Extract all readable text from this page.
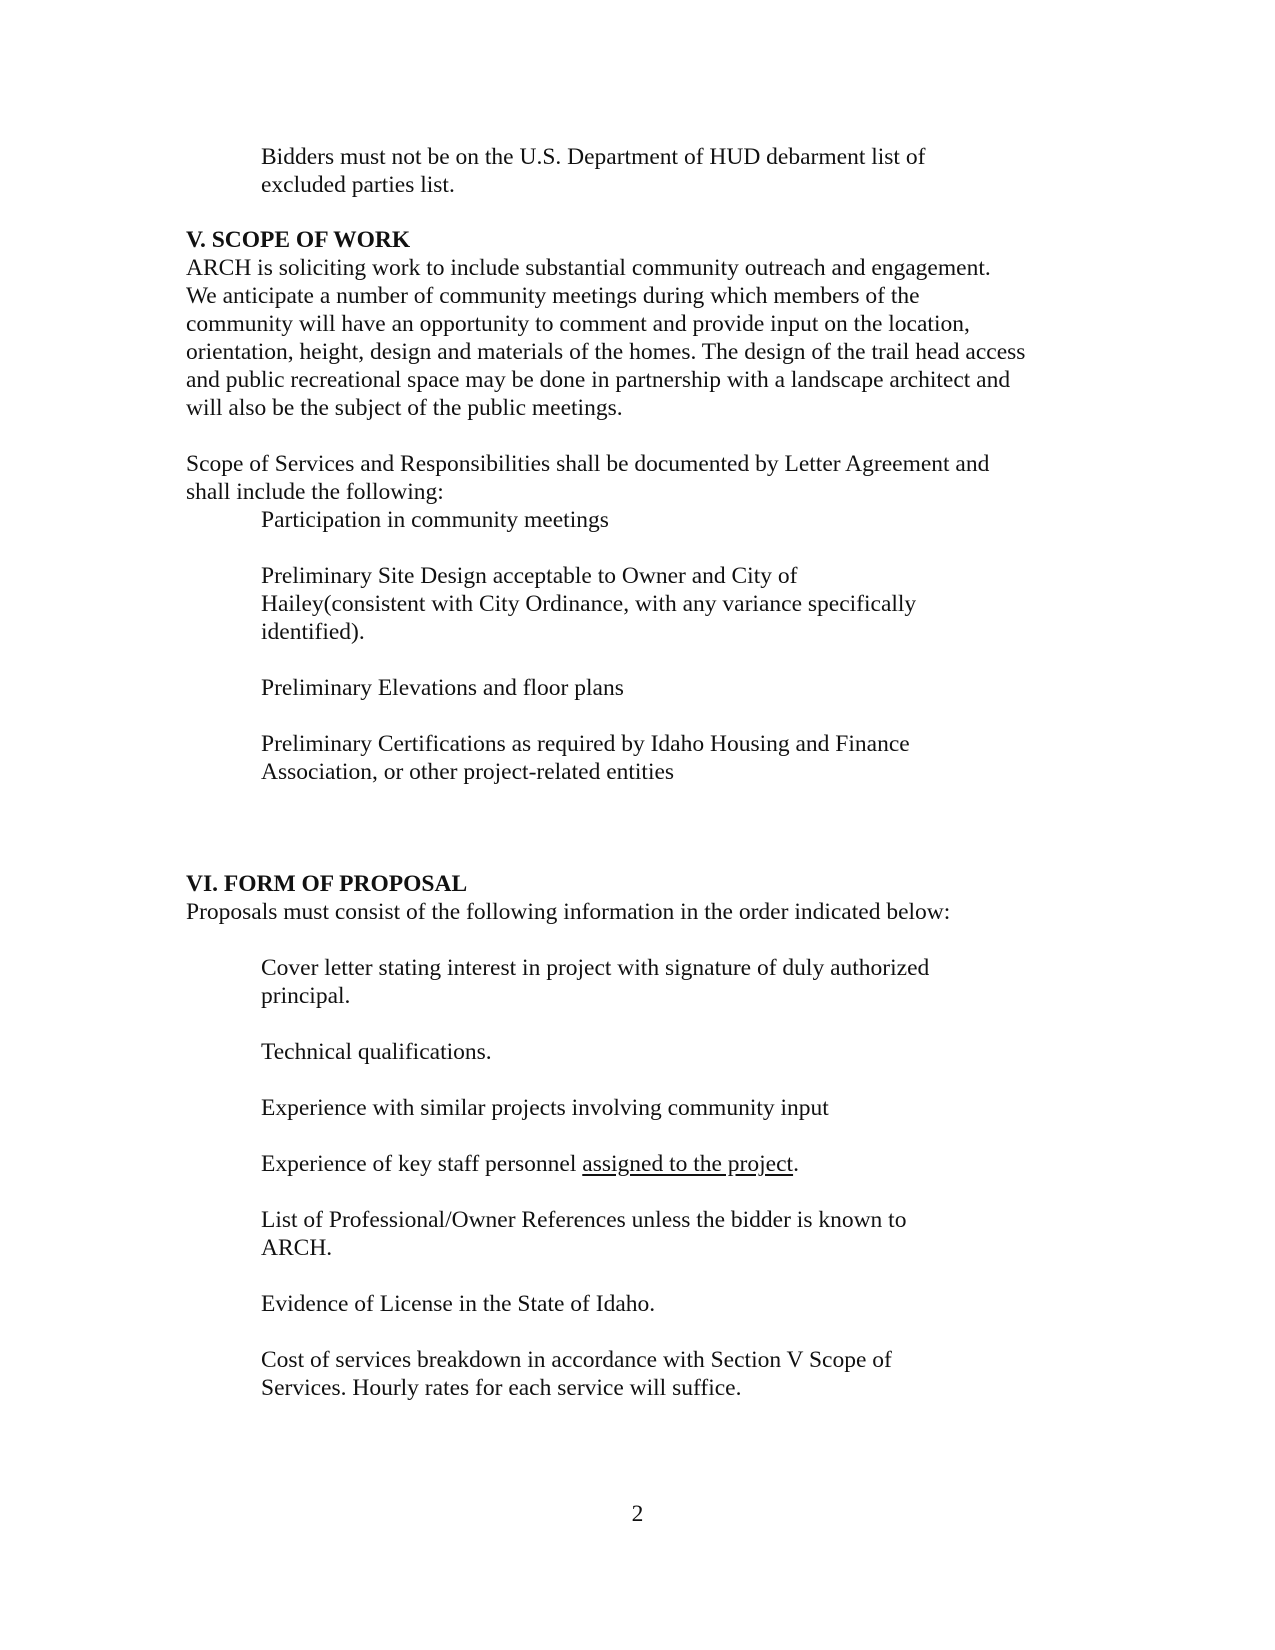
Bidders must not be on the U.S. Department of HUD debarment list of

excluded parties list.

V. SCOPE OF WORK

ARCH is soliciting work to include substantial community outreach and engagement.

We anticipate a number of community meetings during which members of the

community will have an opportunity to comment and provide input on the location,

orientation, height, design and materials of the homes. The design of the trail head access

and public recreational space may be done in partnership with a landscape architect and

will also be the subject of the public meetings.

Scope of Services and Responsibilities shall be documented by Letter Agreement and

shall include the following:

Participation in community meetings

Preliminary Site Design acceptable to Owner and City of

Hailey(consistent with City Ordinance, with any variance specifically

identified).

Preliminary Elevations and floor plans

Preliminary Certifications as required by Idaho Housing and Finance

Association, or other project-related entities

VI. FORM OF PROPOSAL

Proposals must consist of the following information in the order indicated below:

Cover letter stating interest in project with signature of duly authorized

principal.

Technical qualifications.

Experience with similar projects involving community input

Experience of key staff personnel assigned to the project.

List of Professional/Owner References unless the bidder is known to

ARCH.

Evidence of License in the State of Idaho.

Cost of services breakdown in accordance with Section V Scope of

Services. Hourly rates for each service will suffice.

2
